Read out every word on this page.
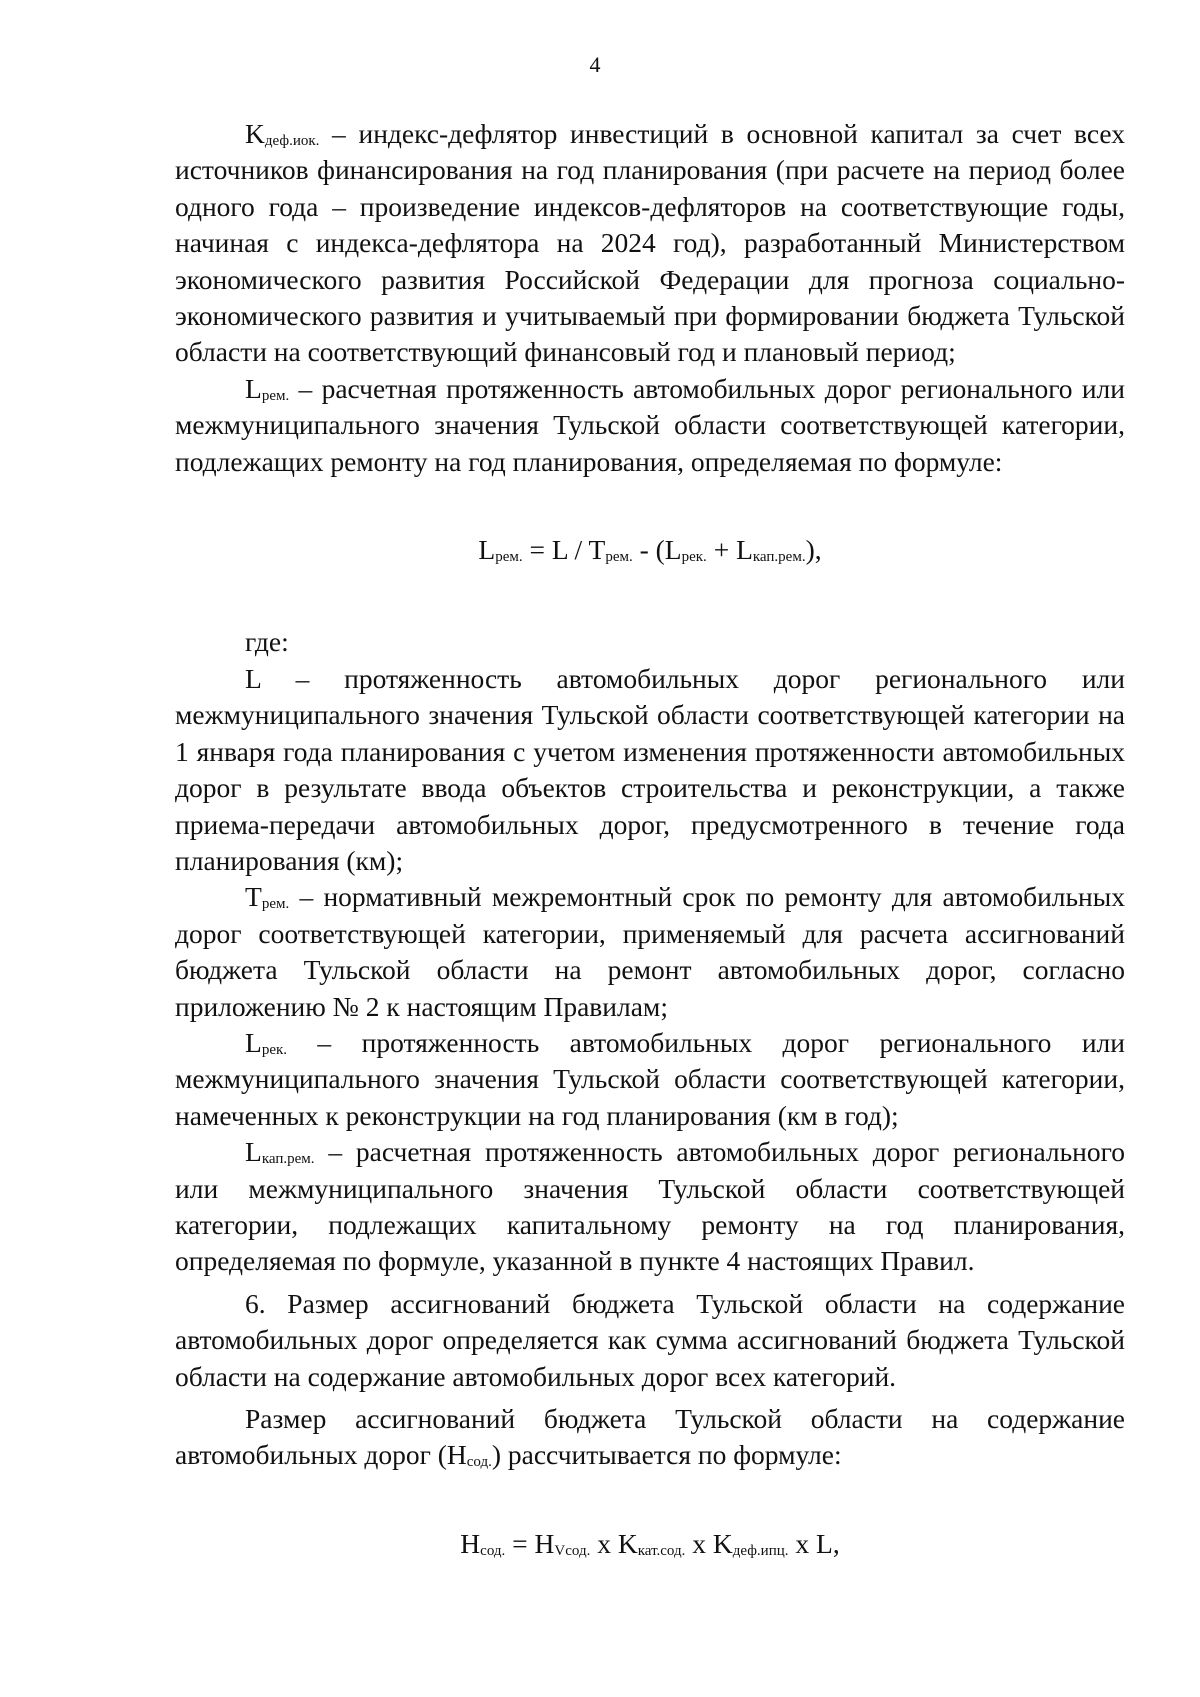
4

$K_{деф.иок.}$ – индекс-дефлятор инвестиций в основной капитал за счет всех источников финансирования на год планирования (при расчете на период более одного года – произведение индексов-дефляторов на соответствующие годы, начиная с индекса-дефлятора на 2024 год), разработанный Министерством экономического развития Российской Федерации для прогноза социально-экономического развития и учитываемый при формировании бюджета Тульской области на соответствующий финансовый год и плановый период;

$L_{рем.}$ – расчетная протяженность автомобильных дорог регионального или межмуниципального значения Тульской области соответствующей категории, подлежащих ремонту на год планирования, определяемая по формуле:

$L_{рем.} = L / T_{рем.} - (L_{рек.} + L_{кап.рем.})$,

где:

L – протяженность автомобильных дорог регионального или межмуниципального значения Тульской области соответствующей категории на 1 января года планирования с учетом изменения протяженности автомобильных дорог в результате ввода объектов строительства и реконструкции, а также приема-передачи автомобильных дорог, предусмотренного в течение года планирования (км);

$T_{рем.}$ – нормативный межремонтный срок по ремонту для автомобильных дорог соответствующей категории, применяемый для расчета ассигнований бюджета Тульской области на ремонт автомобильных дорог, согласно приложению № 2 к настоящим Правилам;

$L_{рек.}$ – протяженность автомобильных дорог регионального или межмуниципального значения Тульской области соответствующей категории, намеченных к реконструкции на год планирования (км в год);

$L_{кап.рем.}$ – расчетная протяженность автомобильных дорог регионального или межмуниципального значения Тульской области соответствующей категории, подлежащих капитальному ремонту на год планирования, определяемая по формуле, указанной в пункте 4 настоящих Правил.

6. Размер ассигнований бюджета Тульской области на содержание автомобильных дорог определяется как сумма ассигнований бюджета Тульской области на содержание автомобильных дорог всех категорий.

Размер ассигнований бюджета Тульской области на содержание автомобильных дорог $(H_{сод.})$ рассчитывается по формуле:

$H_{сод.} = H_{Vсод.}$ x $K_{кат.сод.}$ x $K_{деф.ипц.}$ x L,
